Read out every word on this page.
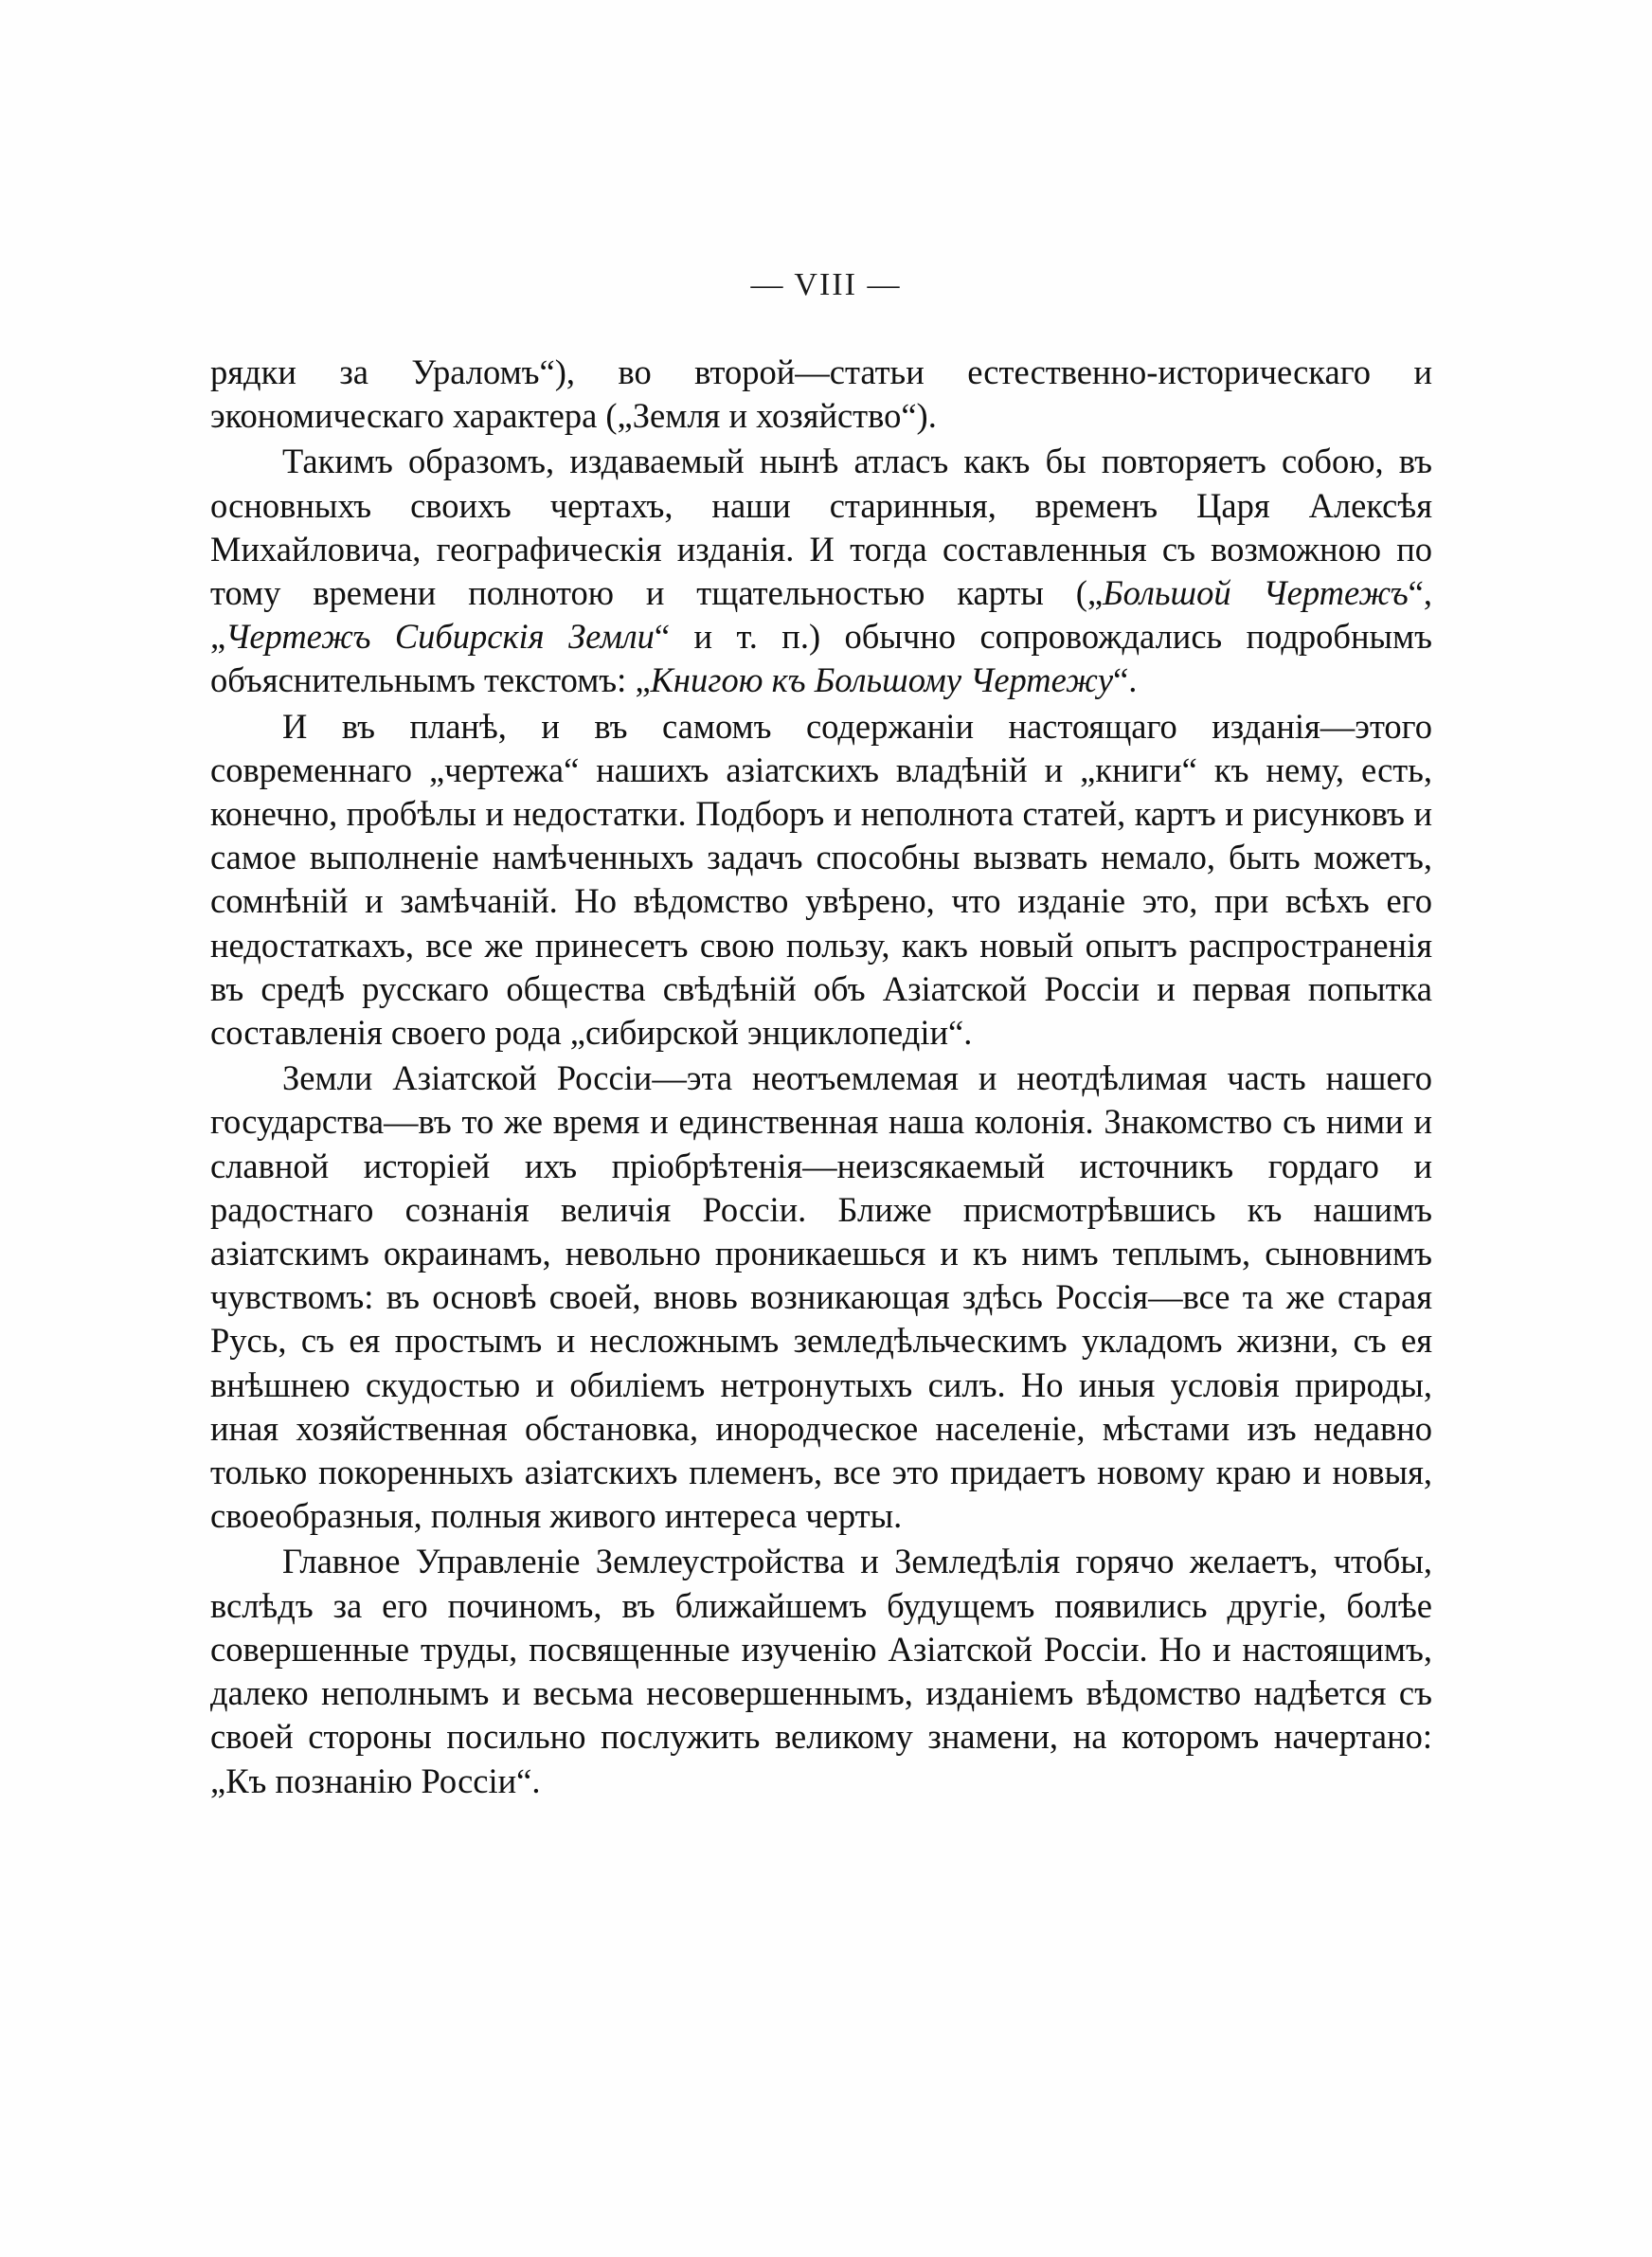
— VIII —

рядки за Ураломъ“), во второй—статьи естественно-историческаго и экономическаго характера („Земля и хозяйство“).

Такимъ образомъ, издаваемый нынѣ атласъ какъ бы повторяетъ собою, въ основныхъ своихъ чертахъ, наши старинныя, временъ Царя Алексѣя Михайловича, географическія изданія. И тогда составленныя съ возможною по тому времени полнотою и тщательностью карты („Большой Чертежъ“, „Чертежъ Сибирскія Земли“ и т. п.) обычно сопровождались подробнымъ объяснительнымъ текстомъ: „Книгою къ Большому Чертежу“.

И въ планѣ, и въ самомъ содержаніи настоящаго изданія—этого современнаго „чертежа“ нашихъ азіатскихъ владѣній и „книги“ къ нему, есть, конечно, пробѣлы и недостатки. Подборъ и неполнота статей, картъ и рисунковъ и самое выполненіе намѣченныхъ задачъ способны вызвать немало, быть можетъ, сомнѣній и замѣчаній. Но вѣдомство увѣрено, что изданіе это, при всѣхъ его недостаткахъ, все же принесетъ свою пользу, какъ новый опытъ распространенія въ средѣ русскаго общества свѣдѣній объ Азіатской Россіи и первая попытка составленія своего рода „сибирской энциклопедіи“.

Земли Азіатской Россіи—эта неотъемлемая и неотдѣлимая часть нашего государства—въ то же время и единственная наша колонія. Знакомство съ ними и славной исторіей ихъ пріобрѣтенія—неизсякаемый источникъ гордаго и радостнаго сознанія величія Россіи. Ближе присмотрѣвшись къ нашимъ азіатскимъ окраинамъ, невольно проникаешься и къ нимъ теплымъ, сыновнимъ чувствомъ: въ основѣ своей, вновь возникающая здѣсь Россія—все та же старая Русь, съ ея простымъ и несложнымъ земледѣльческимъ укладомъ жизни, съ ея внѣшнею скудостью и обиліемъ нетронутыхъ силъ. Но иныя условія природы, иная хозяйственная обстановка, инородческое населеніе, мѣстами изъ недавно только покоренныхъ азіатскихъ племенъ, все это придаетъ новому краю и новыя, своеобразныя, полныя живого интереса черты.

Главное Управленіе Землеустройства и Земледѣлія горячо желаетъ, чтобы, вслѣдъ за его починомъ, въ ближайшемъ будущемъ появились другіе, болѣе совершенные труды, посвященные изученію Азіатской Россіи. Но и настоящимъ, далеко неполнымъ и весьма несовершеннымъ, изданіемъ вѣдомство надѣется съ своей стороны посильно послужить великому знамени, на которомъ начертано: „Къ познанію Россіи“.
